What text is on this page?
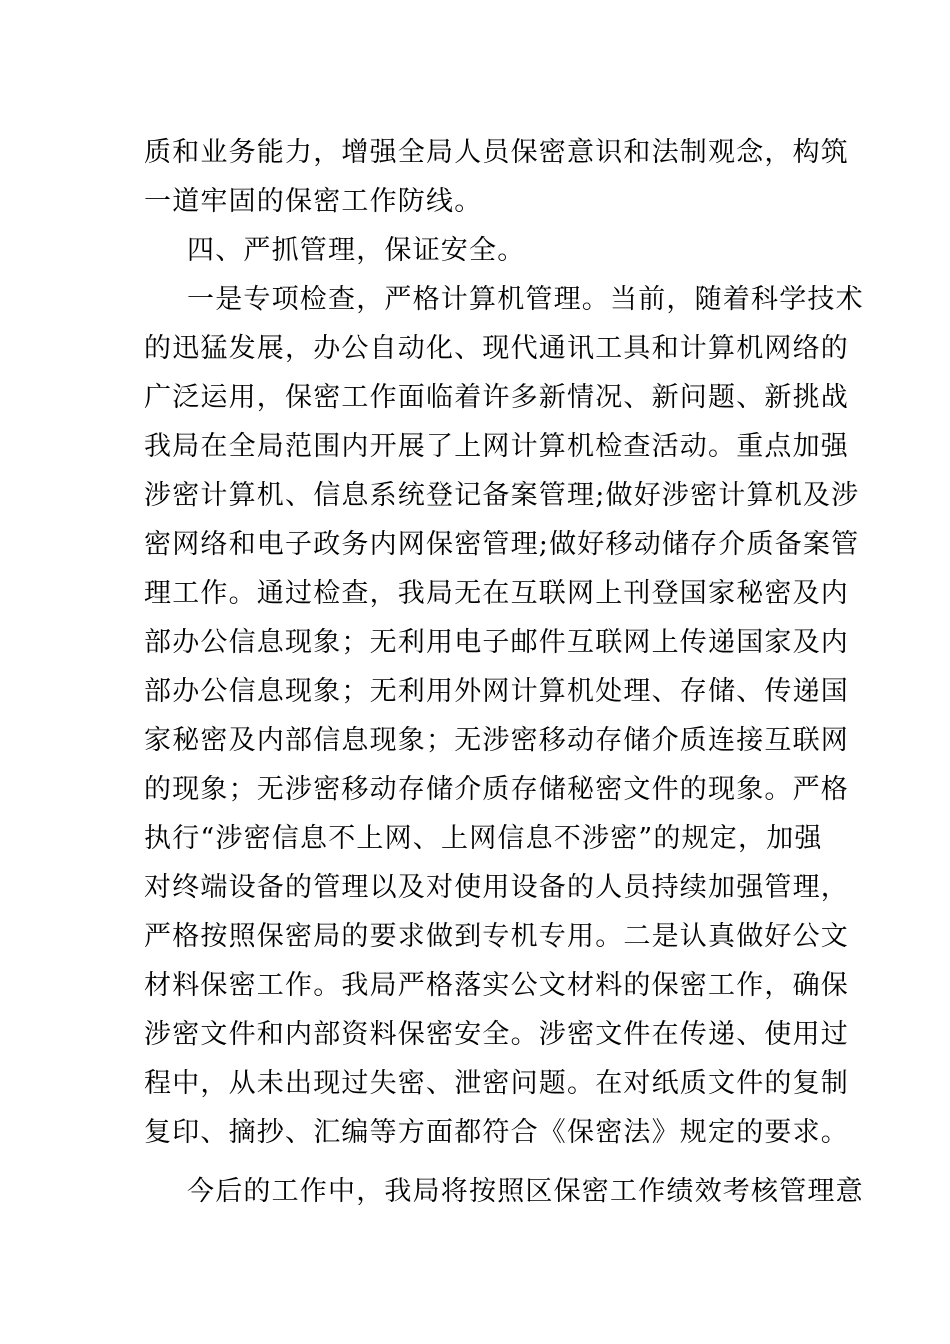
质和业务能力，增强全局人员保密意识和法制观念，构筑
一道牢固的保密工作防线。
四、严抓管理，保证安全。
一是专项检查，严格计算机管理。当前，随着科学技术
的迅猛发展，办公自动化、现代通讯工具和计算机网络的
广泛运用，保密工作面临着许多新情况、新问题、新挑战
我局在全局范围内开展了上网计算机检查活动。重点加强
涉密计算机、信息系统登记备案管理;做好涉密计算机及涉
密网络和电子政务内网保密管理;做好移动储存介质备案管
理工作。通过检查，我局无在互联网上刊登国家秘密及内
部办公信息现象；无利用电子邮件互联网上传递国家及内
部办公信息现象；无利用外网计算机处理、存储、传递国
家秘密及内部信息现象；无涉密移动存储介质连接互联网
的现象；无涉密移动存储介质存储秘密文件的现象。严格
执行“涉密信息不上网、上网信息不涉密”的规定，加强
对终端设备的管理以及对使用设备的人员持续加强管理，
严格按照保密局的要求做到专机专用。二是认真做好公文
材料保密工作。我局严格落实公文材料的保密工作，确保
涉密文件和内部资料保密安全。涉密文件在传递、使用过
程中，从未出现过失密、泄密问题。在对纸质文件的复制
复印、摘抄、汇编等方面都符合《保密法》规定的要求。
今后的工作中，我局将按照区保密工作绩效考核管理意
